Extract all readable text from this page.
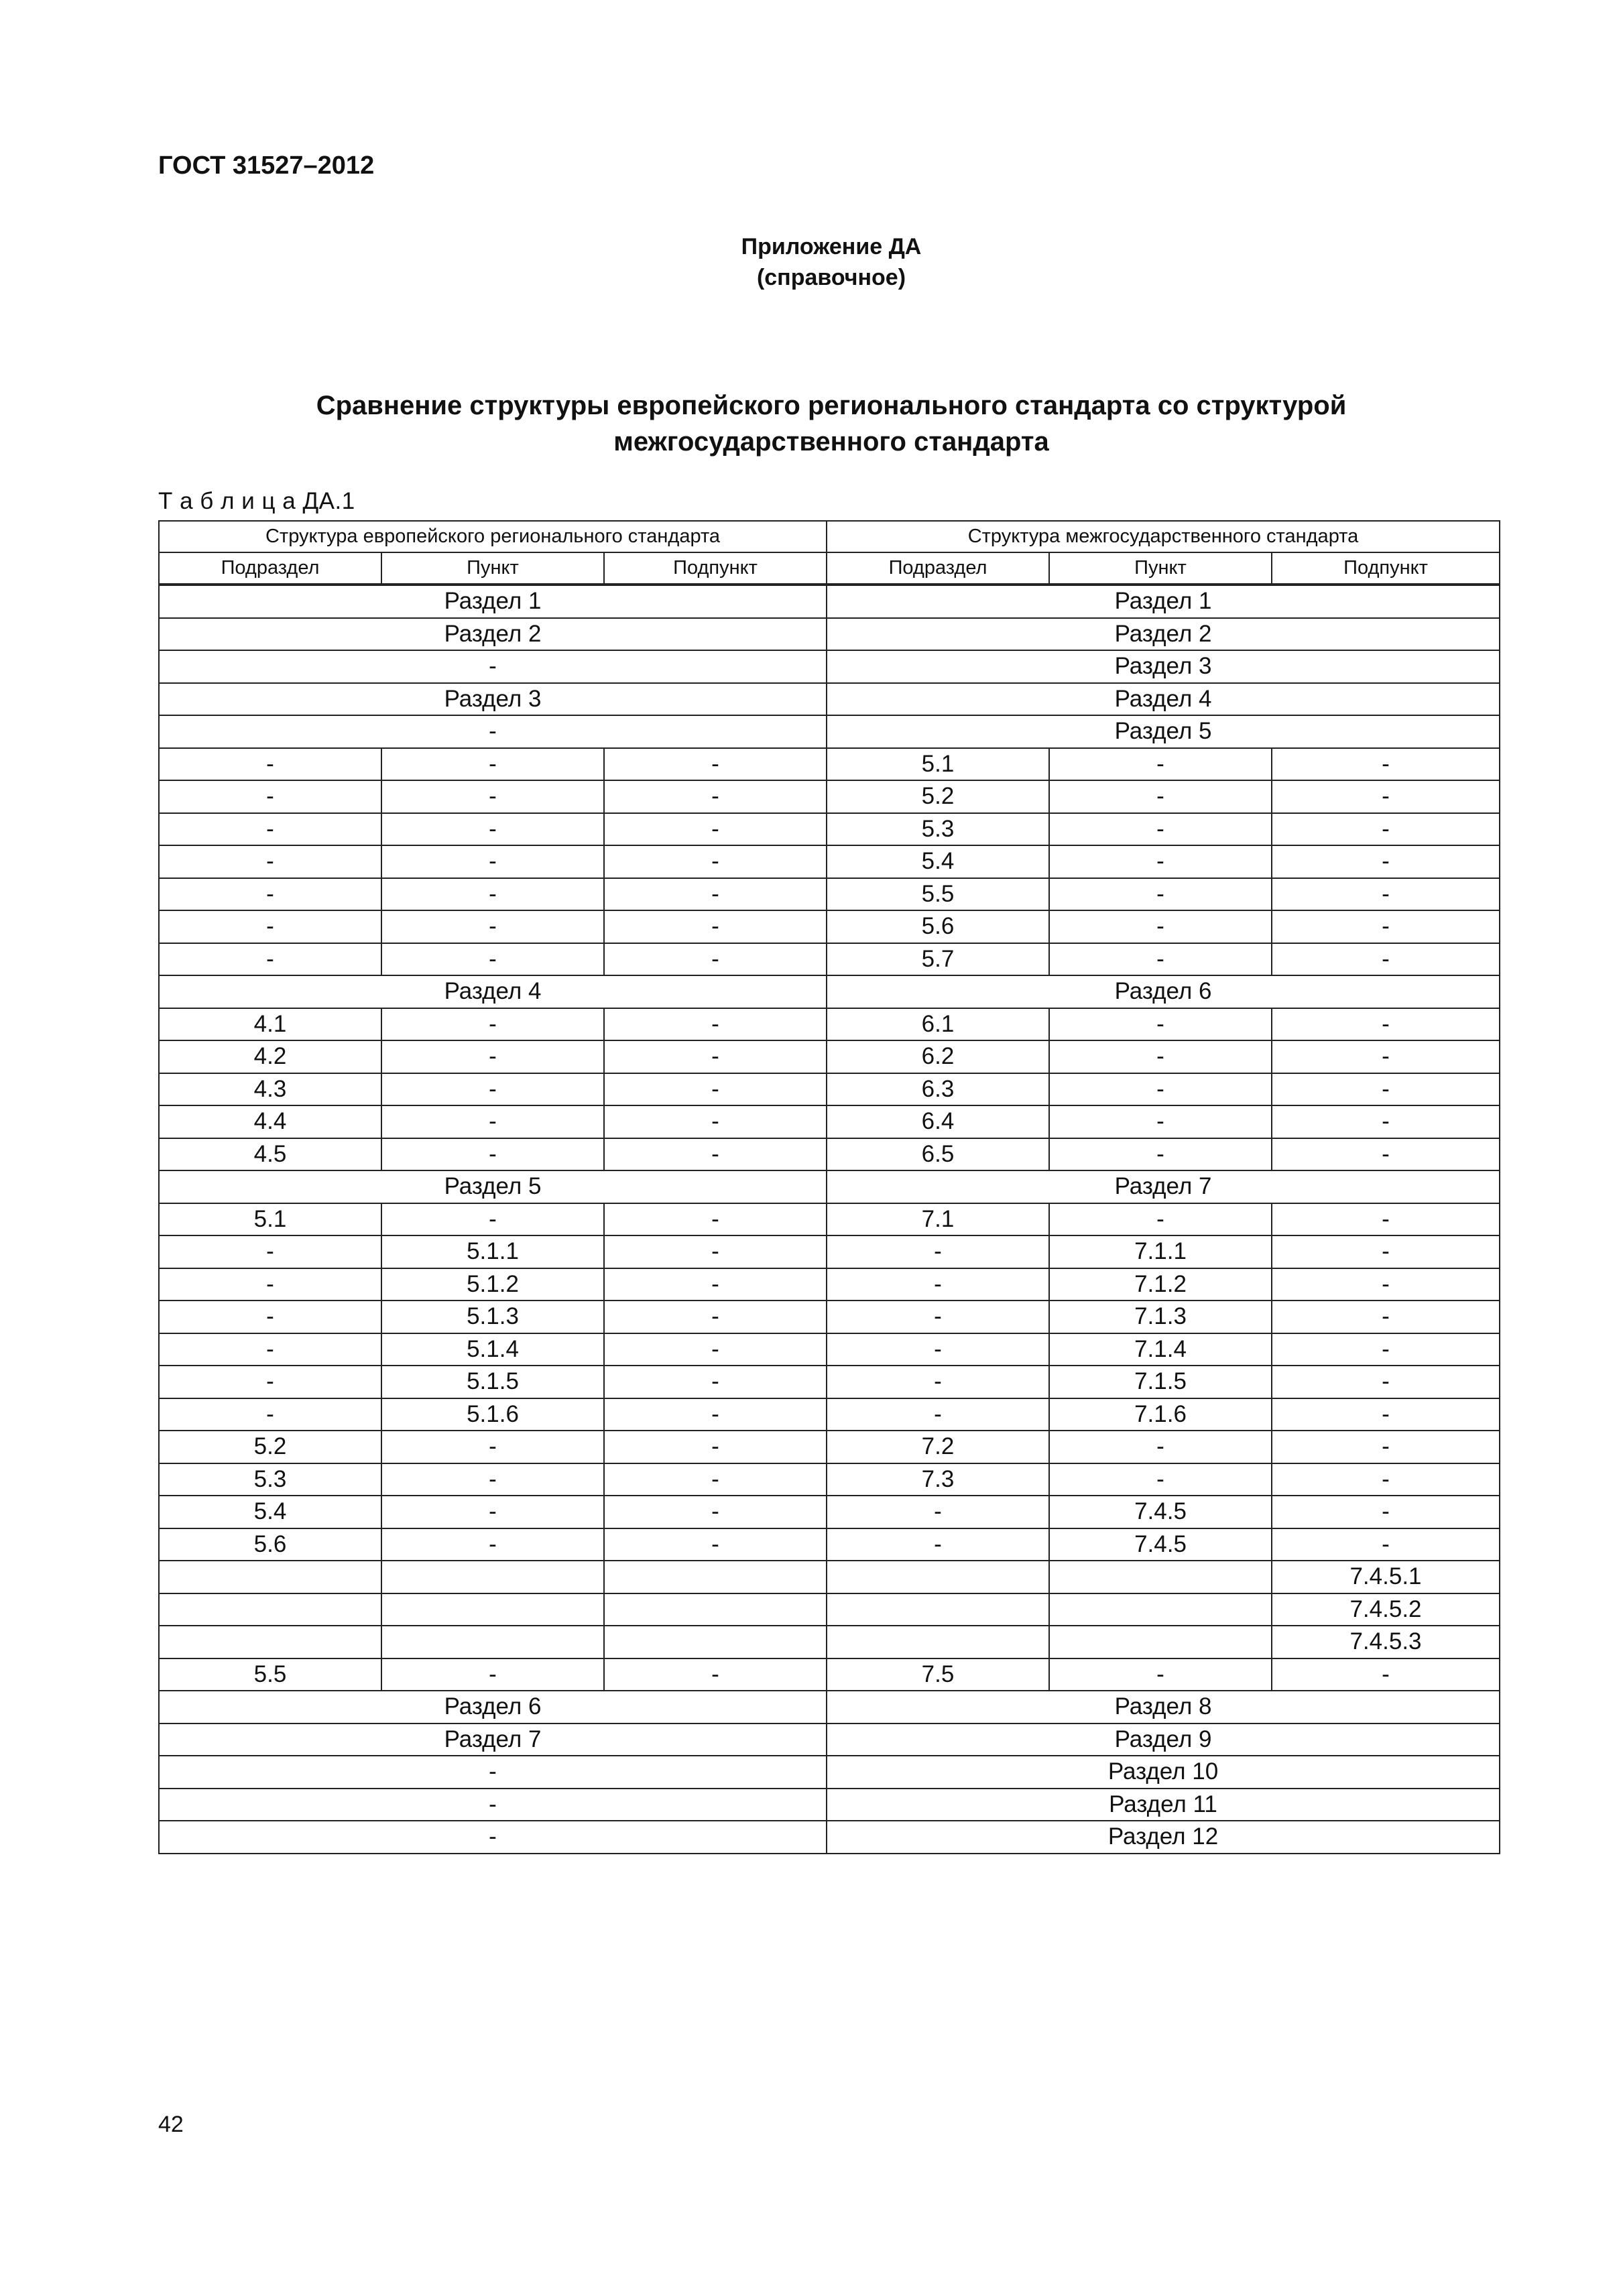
ГОСТ 31527–2012
Приложение ДА
(справочное)
Сравнение структуры европейского регионального стандарта со структурой
межгосударственного стандарта
Т а б л и ц а ДА.1
Структура европейского регионального стандарта			Структура межгосударственного стандарта		
Подраздел	Пункт	Подпункт	Подраздел	Пункт	Подпункт
Раздел 1			Раздел 1		
Раздел 2			Раздел 2		
-			Раздел 3		
Раздел 3			Раздел 4		
-			Раздел 5		
-	-	-	5.1	-	-
-	-	-	5.2	-	-
-	-	-	5.3	-	-
-	-	-	5.4	-	-
-	-	-	5.5	-	-
-	-	-	5.6	-	-
-	-	-	5.7	-	-
Раздел 4			Раздел 6		
4.1	-	-	6.1	-	-
4.2	-	-	6.2	-	-
4.3	-	-	6.3	-	-
4.4	-	-	6.4	-	-
4.5	-	-	6.5	-	-
Раздел 5			Раздел 7		
5.1	-	-	7.1	-	-
-	5.1.1	-	-	7.1.1	-
-	5.1.2	-	-	7.1.2	-
-	5.1.3	-	-	7.1.3	-
-	5.1.4	-	-	7.1.4	-
-	5.1.5	-	-	7.1.5	-
-	5.1.6	-	-	7.1.6	-
5.2	-	-	7.2	-	-
5.3	-	-	7.3	-	-
5.4	-	-	-	7.4.5	-
5.6	-	-	-	7.4.5	-
					7.4.5.1
					7.4.5.2
					7.4.5.3
5.5	-	-	7.5	-	-
Раздел 6			Раздел 8		
Раздел 7			Раздел 9		
-			Раздел 10		
-			Раздел 11		
-			Раздел 12		
42
